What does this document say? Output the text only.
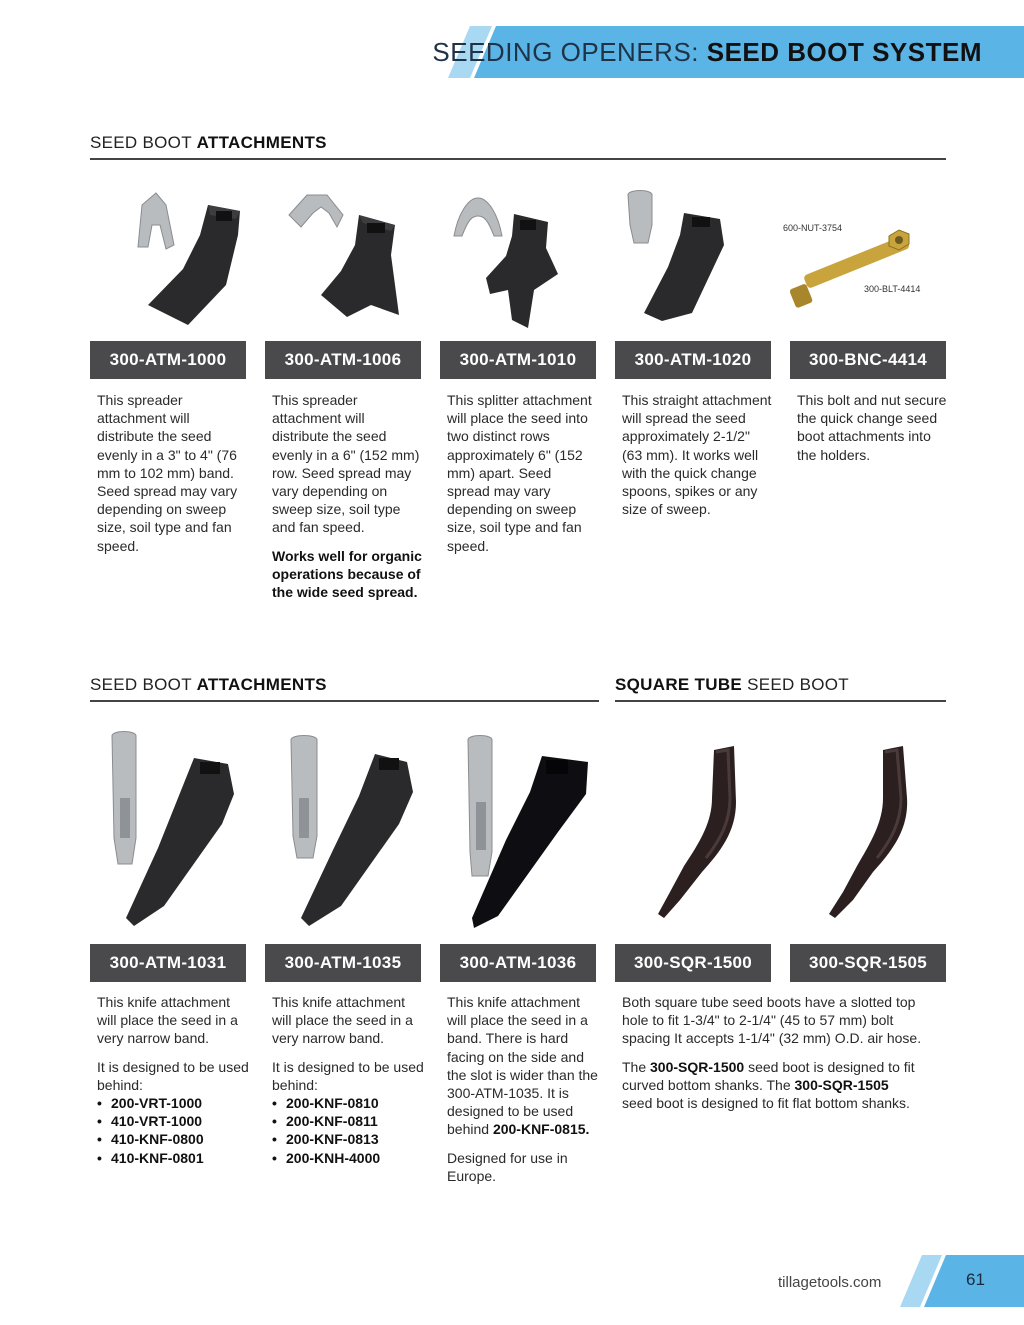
SEEDING OPENERS: SEED BOOT SYSTEM
SEED BOOT ATTACHMENTS
600-NUT-3754
300-BLT-4414
300-ATM-1000	300-ATM-1006	300-ATM-1010	300-ATM-1020	300-BNC-4414

This spreader attachment will distribute the seed evenly in a 3" to 4" (76 mm to 102 mm) band. Seed spread may vary depending on sweep size, soil type and fan speed.

This spreader attachment will distribute the seed evenly in a 6" (152 mm) row. Seed spread may vary depending on sweep size, soil type and fan speed.

Works well for organic operations because of the wide seed spread.

This splitter attachment will place the seed into two distinct rows approximately 6" (152 mm) apart. Seed spread may vary depending on sweep size, soil type and fan speed.

This straight attachment will spread the seed approximately 2-1/2" (63 mm). It works well with the quick change spoons, spikes or any size of sweep.

This bolt and nut secure the quick change seed boot attachments into the holders.

SEED BOOT ATTACHMENTS	SQUARE TUBE SEED BOOT
300-ATM-1031	300-ATM-1035	300-ATM-1036	300-SQR-1500	300-SQR-1505

This knife attachment will place the seed in a very narrow band.

It is designed to be used behind:

• 200-VRT-1000
• 410-VRT-1000
• 410-KNF-0800
• 410-KNF-0801

This knife attachment will place the seed in a very narrow band.

It is designed to be used behind:

• 200-KNF-0810
• 200-KNF-0811
• 200-KNF-0813
• 200-KNH-4000

This knife attachment will place the seed in a band. There is hard facing on the side and the slot is wider than the 300-ATM-1035. It is designed to be used behind 200-KNF-0815.

Designed for use in Europe.

Both square tube seed boots have a slotted top hole to fit 1-3/4" to 2-1/4" (45 to 57 mm) bolt spacing It accepts 1-1/4" (32 mm) O.D. air hose.

The 300-SQR-1500 seed boot is designed to fit curved bottom shanks. The 300-SQR-1505 seed boot is designed to fit flat bottom shanks.

tillagetools.com	61
